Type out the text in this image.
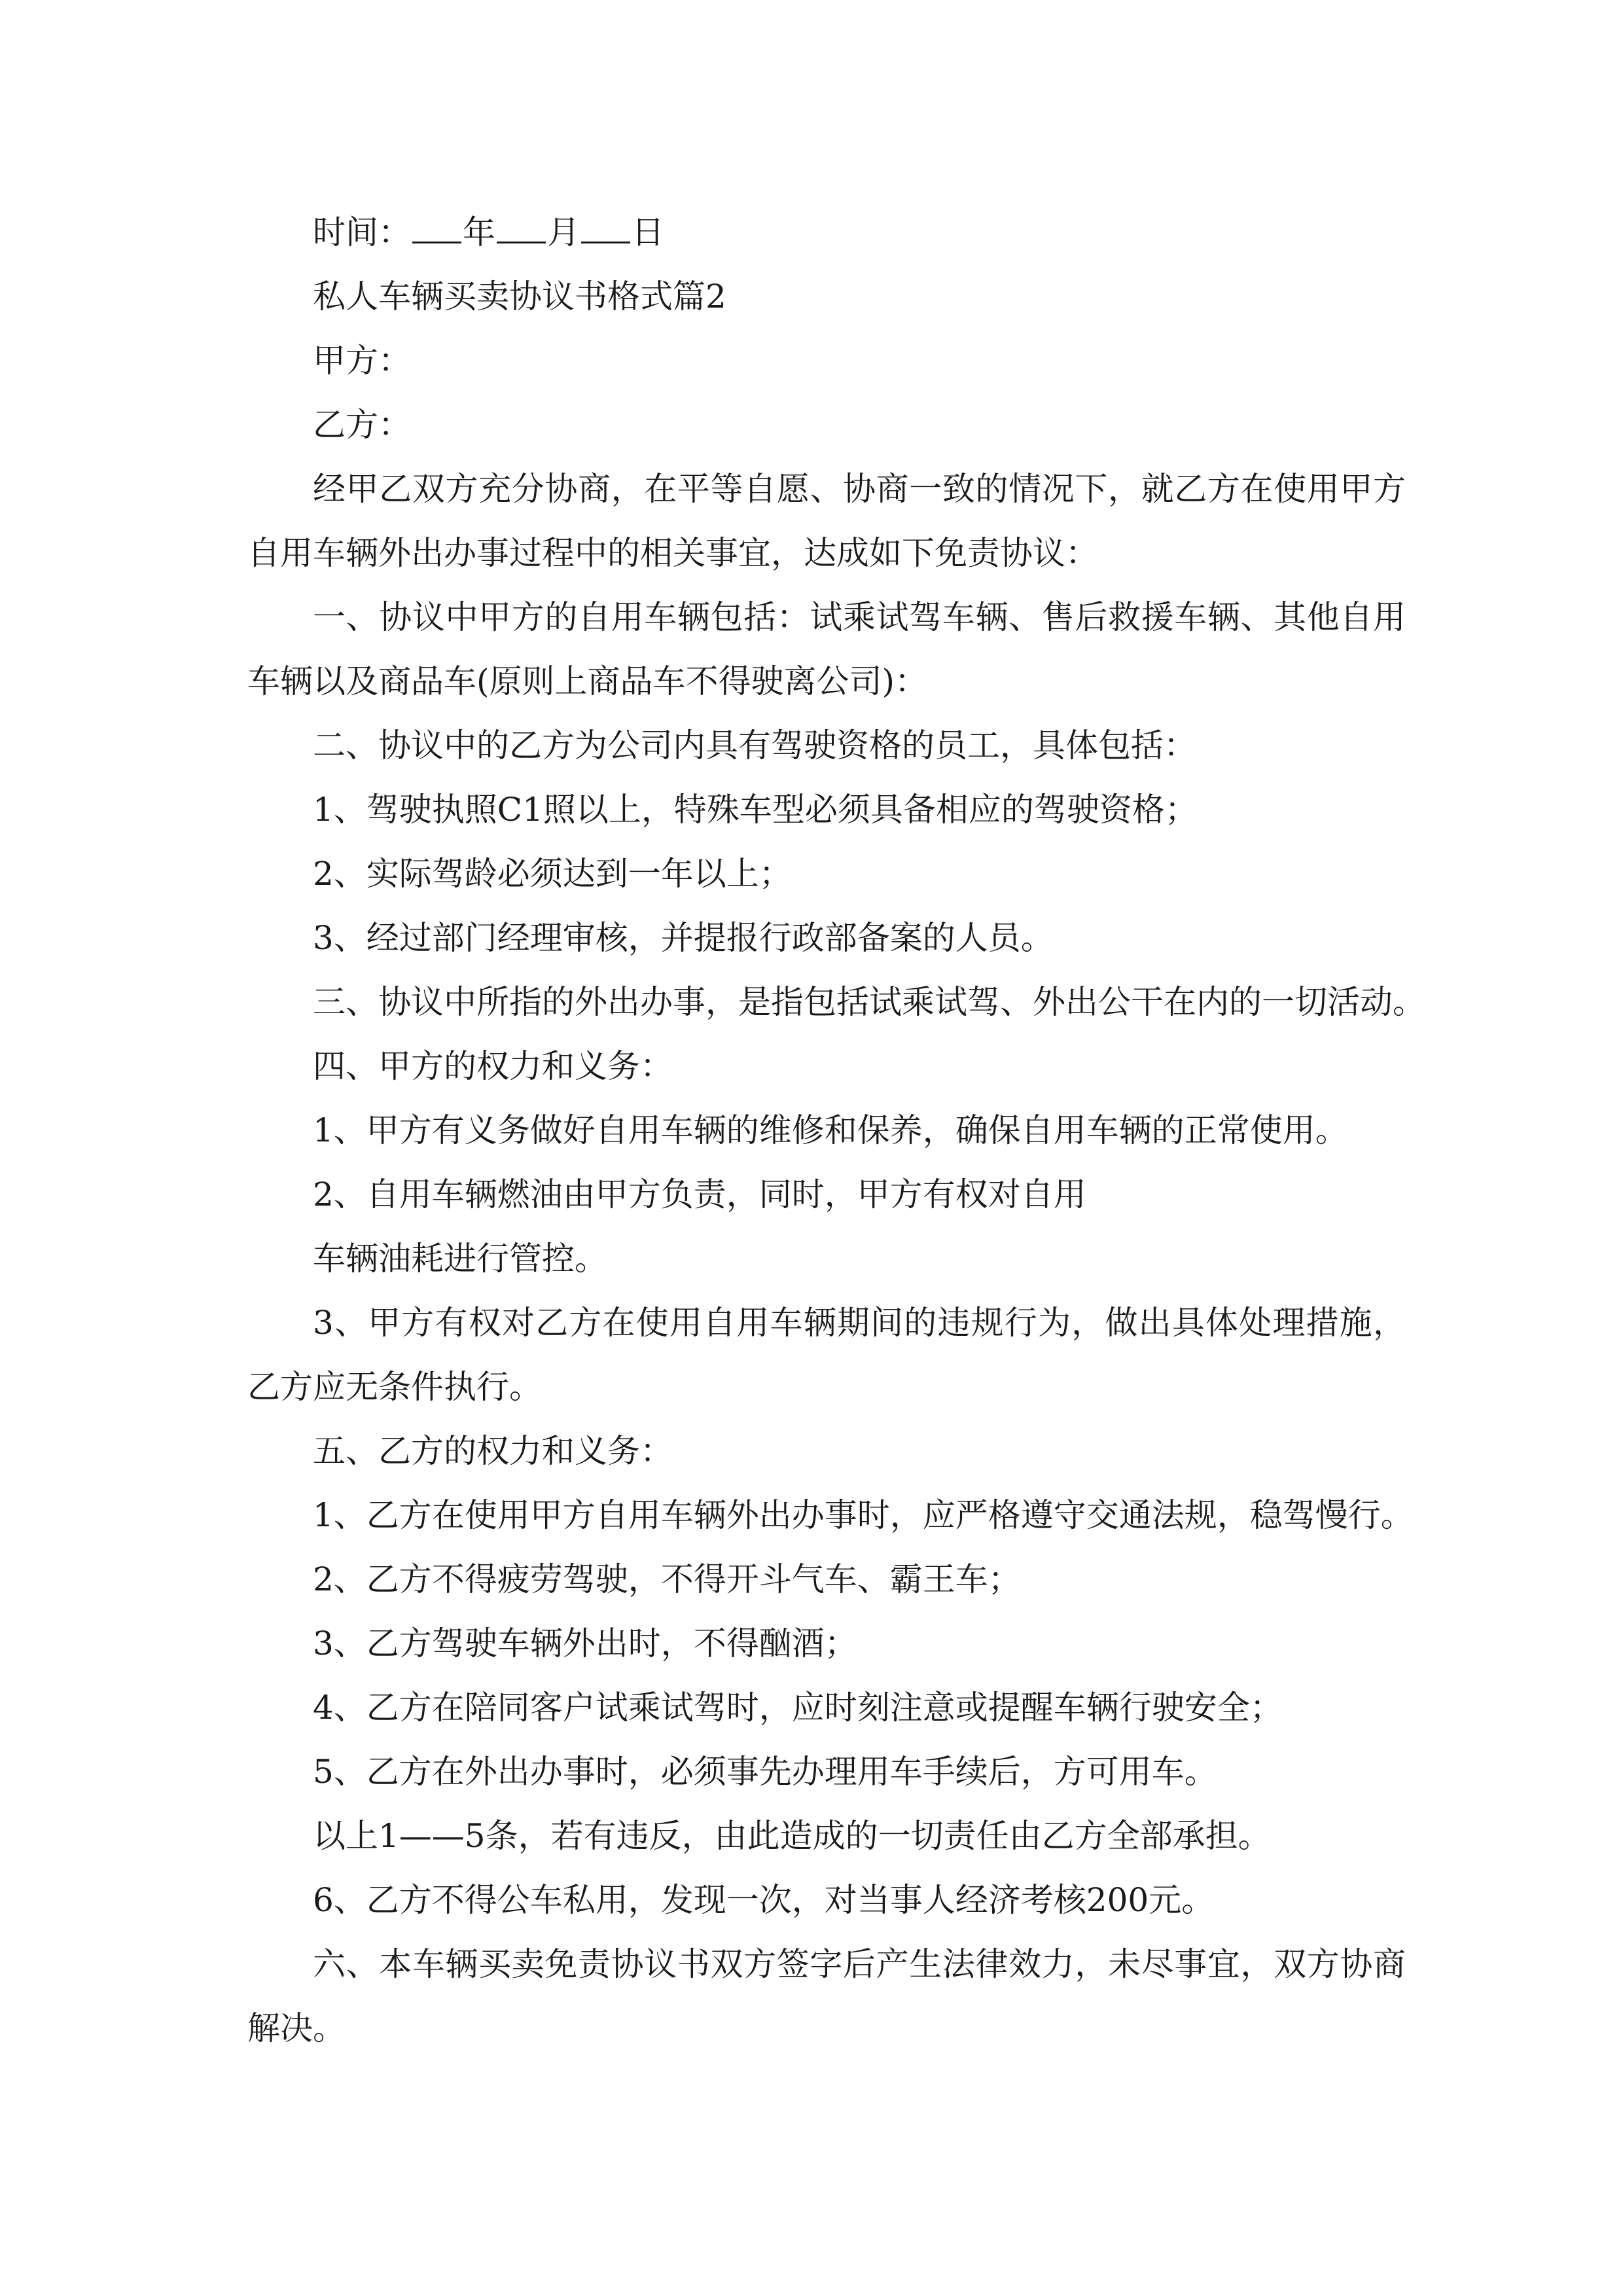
时间： 年 月 日

私人车辆买卖协议书格式篇2

甲方：

乙方：

经甲乙双方充分协商，在平等自愿、协商一致的情况下，就乙方在使用甲方自用车辆外出办事过程中的相关事宜，达成如下免责协议：

一、协议中甲方的自用车辆包括：试乘试驾车辆、售后救援车辆、其他自用车辆以及商品车(原则上商品车不得驶离公司)：

二、协议中的乙方为公司内具有驾驶资格的员工，具体包括：

1、驾驶执照C1照以上，特殊车型必须具备相应的驾驶资格；

2、实际驾龄必须达到一年以上；

3、经过部门经理审核，并提报行政部备案的人员。

三、协议中所指的外出办事，是指包括试乘试驾、外出公干在内的一切活动。

四、甲方的权力和义务：

1、甲方有义务做好自用车辆的维修和保养，确保自用车辆的正常使用。

2、自用车辆燃油由甲方负责，同时，甲方有权对自用

车辆油耗进行管控。

3、甲方有权对乙方在使用自用车辆期间的违规行为，做出具体处理措施，乙方应无条件执行。

五、乙方的权力和义务：

1、乙方在使用甲方自用车辆外出办事时，应严格遵守交通法规，稳驾慢行。

2、乙方不得疲劳驾驶，不得开斗气车、霸王车；

3、乙方驾驶车辆外出时，不得酗酒；

4、乙方在陪同客户试乘试驾时，应时刻注意或提醒车辆行驶安全；

5、乙方在外出办事时，必须事先办理用车手续后，方可用车。

以上1——5条，若有违反，由此造成的一切责任由乙方全部承担。

6、乙方不得公车私用，发现一次，对当事人经济考核200元。

六、本车辆买卖免责协议书双方签字后产生法律效力，未尽事宜，双方协商解决。
